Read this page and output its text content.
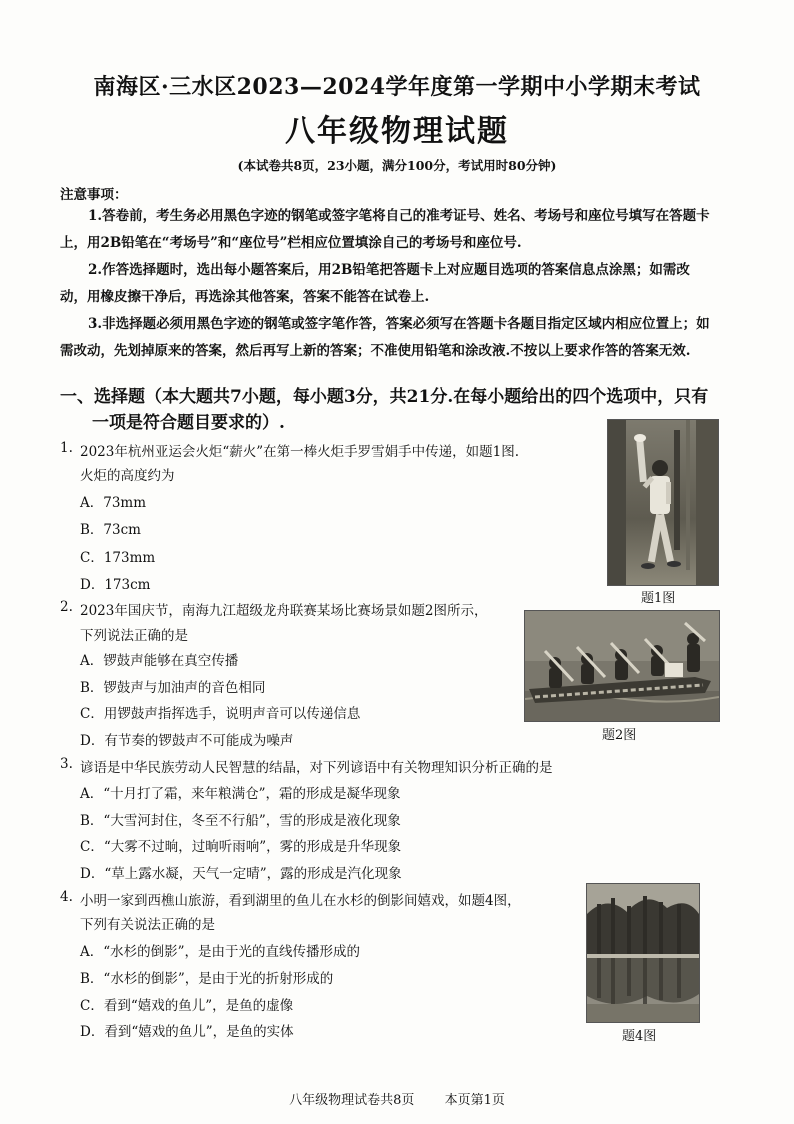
南海区·三水区2023—2024学年度第一学期中小学期末考试
八年级物理试题
(本试卷共8页，23小题，满分100分，考试用时80分钟)
注意事项：
1.答卷前，考生务必用黑色字迹的钢笔或签字笔将自己的准考证号、姓名、考场号和座位号填写在答题卡上，用2B铅笔在“考场号”和“座位号”栏相应位置填涂自己的考场号和座位号.
2.作答选择题时，选出每小题答案后，用2B铅笔把答题卡上对应题目选项的答案信息点涂黑；如需改动，用橡皮擦干净后，再选涂其他答案，答案不能答在试卷上.
3.非选择题必须用黑色字迹的钢笔或签字笔作答，答案必须写在答题卡各题目指定区域内相应位置上；如需改动，先划掉原来的答案，然后再写上新的答案；不准使用铅笔和涂改液.不按以上要求作答的答案无效.
一、选择题（本大题共7小题，每小题3分，共21分.在每小题给出的四个选项中，只有一项是符合题目要求的）.
1. 2023年杭州亚运会火炬“薪火”在第一棒火炬手罗雪娟手中传递，如题1图.
火炬的高度约为
A．73mm
B．73cm
C．173mm
D．173cm
题1图
2. 2023年国庆节，南海九江超级龙舟联赛某场比赛场景如题2图所示，
下列说法正确的是
A．锣鼓声能够在真空传播
B．锣鼓声与加油声的音色相同
C．用锣鼓声指挥选手，说明声音可以传递信息
D．有节奏的锣鼓声不可能成为噪声	题2图
3. 谚语是中华民族劳动人民智慧的结晶，对下列谚语中有关物理知识分析正确的是
A．“十月打了霜，来年粮满仓”，霜的形成是凝华现象
B．“大雪河封住，冬至不行船”，雪的形成是液化现象
C．“大雾不过晌，过晌听雨响”，雾的形成是升华现象
D．“草上露水凝，天气一定晴”，露的形成是汽化现象
4. 小明一家到西樵山旅游，看到湖里的鱼儿在水杉的倒影间嬉戏，如题4图，
下列有关说法正确的是
A．“水杉的倒影”，是由于光的直线传播形成的
B．“水杉的倒影”，是由于光的折射形成的
C．看到“嬉戏的鱼儿”，是鱼的虚像
D．看到“嬉戏的鱼儿”，是鱼的实体	题4图
八年级物理试卷共8页 本页第1页
